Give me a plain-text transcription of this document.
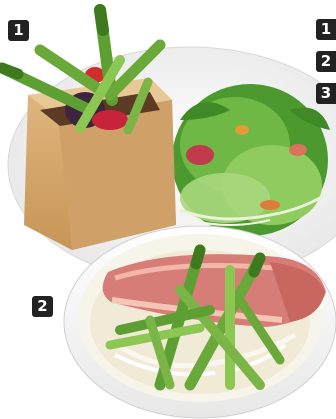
1
2
1
2
3
